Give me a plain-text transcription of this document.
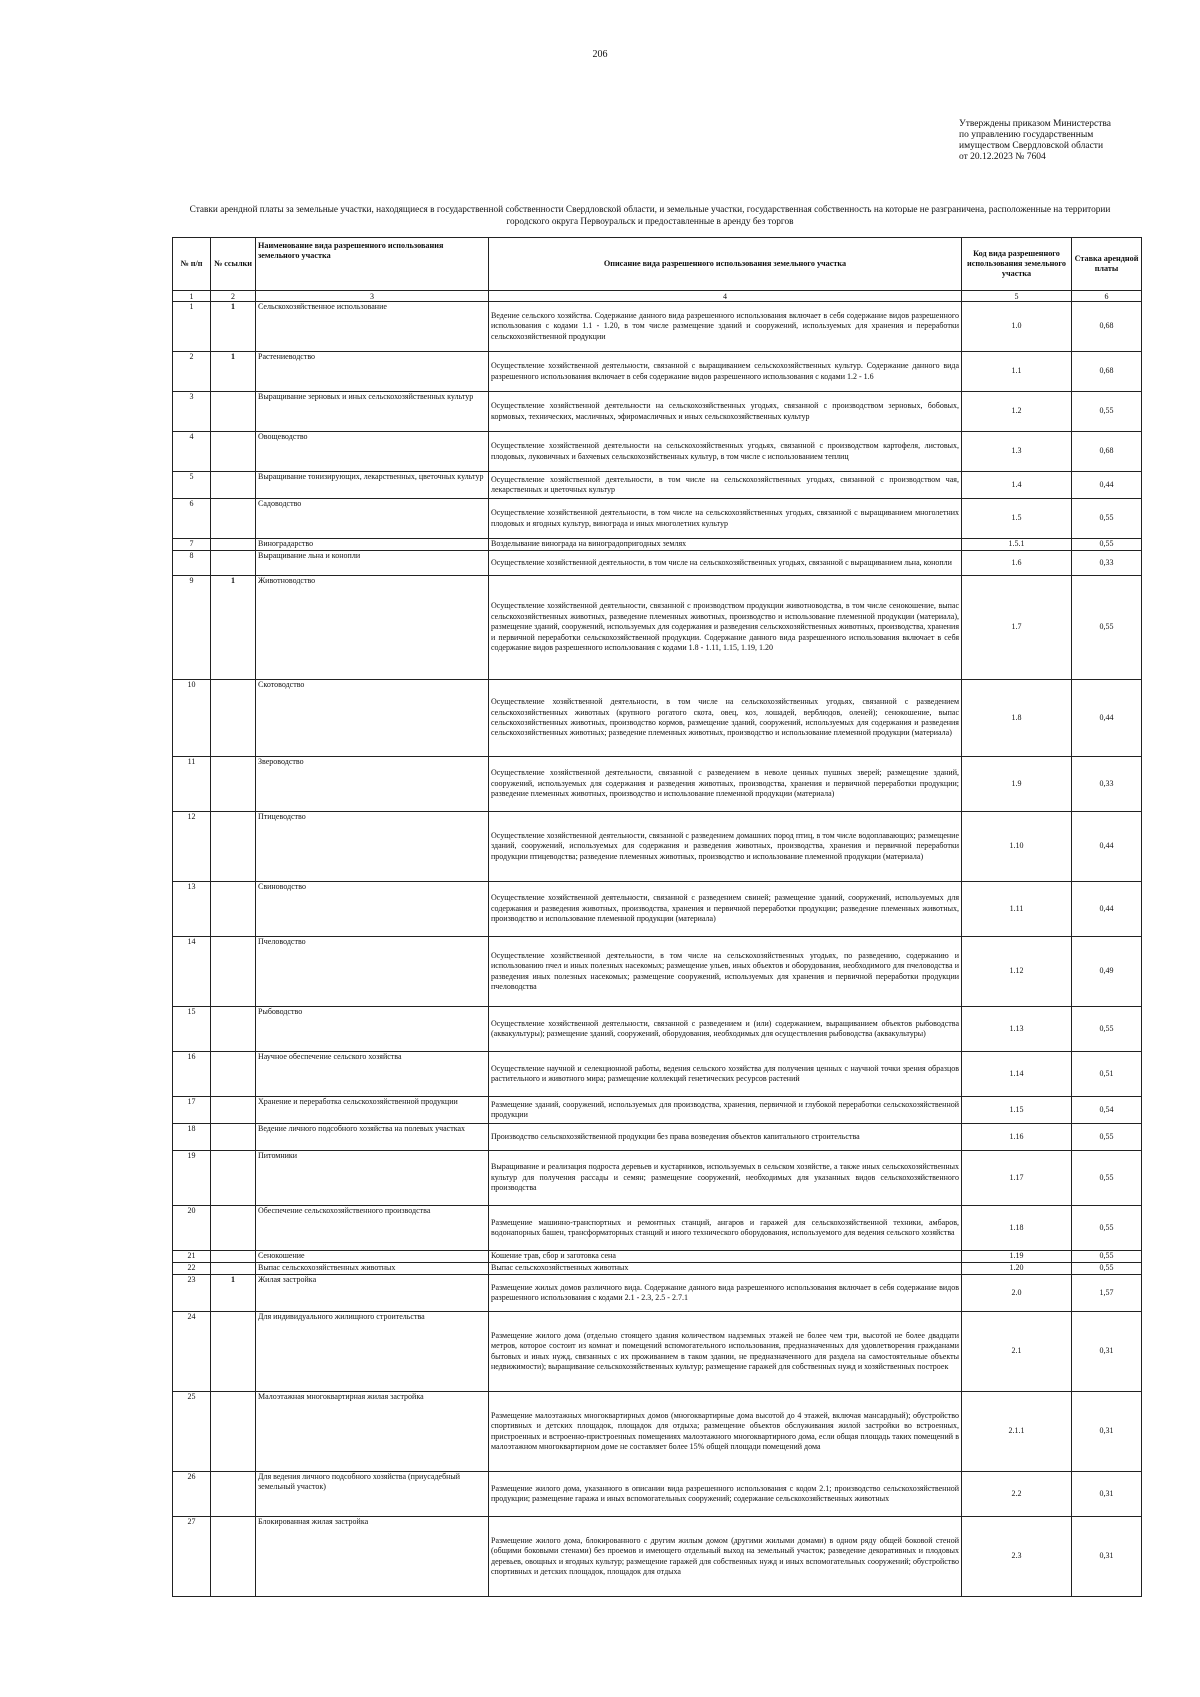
206
Утверждены приказом Министерства
по управлению государственным
имуществом Свердловской области
от 20.12.2023 № 7604
Ставки арендной платы за земельные участки, находящиеся в государственной собственности Свердловской области, и земельные участки, государственная собственность на которые не разграничена, расположенные на территории городского округа Первоуральск и предоставленные в аренду без торгов
№ п/п	№ ссылки	Наименование вида разрешенного использования земельного участка	Описание вида разрешенного использования земельного участка	Код вида разрешенного использования земельного участка	Ставка арендной платы
1	2	3	4	5	6
1	1	Сельскохозяйственное использование	Ведение сельского хозяйства. Содержание данного вида разрешенного использования включает в себя содержание видов разрешенного использования с кодами 1.1 - 1.20, в том числе размещение зданий и сооружений, используемых для хранения и переработки сельскохозяйственной продукции	1.0	0,68
2	1	Растениеводство	Осуществление хозяйственной деятельности, связанной с выращиванием сельскохозяйственных культур. Содержание данного вида разрешенного использования включает в себя содержание видов разрешенного использования с кодами 1.2 - 1.6	1.1	0,68
3		Выращивание зерновых и иных сельскохозяйственных культур	Осуществление хозяйственной деятельности на сельскохозяйственных угодьях, связанной с производством зерновых, бобовых, кормовых, технических, масличных, эфиромасличных и иных сельскохозяйственных культур	1.2	0,55
4		Овощеводство	Осуществление хозяйственной деятельности на сельскохозяйственных угодьях, связанной с производством картофеля, листовых, плодовых, луковичных и бахчевых сельскохозяйственных культур, в том числе с использованием теплиц	1.3	0,68
5		Выращивание тонизирующих, лекарственных, цветочных культур	Осуществление хозяйственной деятельности, в том числе на сельскохозяйственных угодьях, связанной с производством чая, лекарственных и цветочных культур	1.4	0,44
6		Садоводство	Осуществление хозяйственной деятельности, в том числе на сельскохозяйственных угодьях, связанной с выращиванием многолетних плодовых и ягодных культур, винограда и иных многолетних культур	1.5	0,55
7		Виноградарство	Возделывание винограда на виноградопригодных землях	1.5.1	0,55
8		Выращивание льна и конопли	Осуществление хозяйственной деятельности, в том числе на сельскохозяйственных угодьях, связанной с выращиванием льна, конопли	1.6	0,33
9	1	Животноводство	Осуществление хозяйственной деятельности, связанной с производством продукции животноводства, в том числе сенокошение, выпас сельскохозяйственных животных, разведение племенных животных, производство и использование племенной продукции (материала), размещение зданий, сооружений, используемых для содержания и разведения сельскохозяйственных животных, производства, хранения и первичной переработки сельскохозяйственной продукции. Содержание данного вида разрешенного использования включает в себя содержание видов разрешенного использования с кодами 1.8 - 1.11, 1.15, 1.19, 1.20	1.7	0,55
10		Скотоводство	Осуществление хозяйственной деятельности, в том числе на сельскохозяйственных угодьях, связанной с разведением сельскохозяйственных животных (крупного рогатого скота, овец, коз, лошадей, верблюдов, оленей); сенокошение, выпас сельскохозяйственных животных, производство кормов, размещение зданий, сооружений, используемых для содержания и разведения сельскохозяйственных животных; разведение племенных животных, производство и использование племенной продукции (материала)	1.8	0,44
11		Звероводство	Осуществление хозяйственной деятельности, связанной с разведением в неволе ценных пушных зверей; размещение зданий, сооружений, используемых для содержания и разведения животных, производства, хранения и первичной переработки продукции; разведение племенных животных, производство и использование племенной продукции (материала)	1.9	0,33
12		Птицеводство	Осуществление хозяйственной деятельности, связанной с разведением домашних пород птиц, в том числе водоплавающих; размещение зданий, сооружений, используемых для содержания и разведения животных, производства, хранения и первичной переработки продукции птицеводства; разведение племенных животных, производство и использование племенной продукции (материала)	1.10	0,44
13		Свиноводство	Осуществление хозяйственной деятельности, связанной с разведением свиней; размещение зданий, сооружений, используемых для содержания и разведения животных, производства, хранения и первичной переработки продукции; разведение племенных животных, производство и использование племенной продукции (материала)	1.11	0,44
14		Пчеловодство	Осуществление хозяйственной деятельности, в том числе на сельскохозяйственных угодьях, по разведению, содержанию и использованию пчел и иных полезных насекомых; размещение ульев, иных объектов и оборудования, необходимого для пчеловодства и разведения иных полезных насекомых; размещение сооружений, используемых для хранения и первичной переработки продукции пчеловодства	1.12	0,49
15		Рыбоводство	Осуществление хозяйственной деятельности, связанной с разведением и (или) содержанием, выращиванием объектов рыбоводства (аквакультуры); размещение зданий, сооружений, оборудования, необходимых для осуществления рыбоводства (аквакультуры)	1.13	0,55
16		Научное обеспечение сельского хозяйства	Осуществление научной и селекционной работы, ведения сельского хозяйства для получения ценных с научной точки зрения образцов растительного и животного мира; размещение коллекций генетических ресурсов растений	1.14	0,51
17		Хранение и переработка сельскохозяйственной продукции	Размещение зданий, сооружений, используемых для производства, хранения, первичной и глубокой переработки сельскохозяйственной продукции	1.15	0,54
18		Ведение личного подсобного хозяйства на полевых участках	Производство сельскохозяйственной продукции без права возведения объектов капитального строительства	1.16	0,55
19		Питомники	Выращивание и реализация подроста деревьев и кустарников, используемых в сельском хозяйстве, а также иных сельскохозяйственных культур для получения рассады и семян; размещение сооружений, необходимых для указанных видов сельскохозяйственного производства	1.17	0,55
20		Обеспечение сельскохозяйственного производства	Размещение машинно-транспортных и ремонтных станций, ангаров и гаражей для сельскохозяйственной техники, амбаров, водонапорных башен, трансформаторных станций и иного технического оборудования, используемого для ведения сельского хозяйства	1.18	0,55
21		Сенокошение	Кошение трав, сбор и заготовка сена	1.19	0,55
22		Выпас сельскохозяйственных животных	Выпас сельскохозяйственных животных	1.20	0,55
23	1	Жилая застройка	Размещение жилых домов различного вида. Содержание данного вида разрешенного использования включает в себя содержание видов разрешенного использования с кодами 2.1 - 2.3, 2.5 - 2.7.1	2.0	1,57
24		Для индивидуального жилищного строительства	Размещение жилого дома (отдельно стоящего здания количеством надземных этажей не более чем три, высотой не более двадцати метров, которое состоит из комнат и помещений вспомогательного использования, предназначенных для удовлетворения гражданами бытовых и иных нужд, связанных с их проживанием в таком здании, не предназначенного для раздела на самостоятельные объекты недвижимости); выращивание сельскохозяйственных культур; размещение гаражей для собственных нужд и хозяйственных построек	2.1	0,31
25		Малоэтажная многоквартирная жилая застройка	Размещение малоэтажных многоквартирных домов (многоквартирные дома высотой до 4 этажей, включая мансардный); обустройство спортивных и детских площадок, площадок для отдыха; размещение объектов обслуживания жилой застройки во встроенных, пристроенных и встроенно-пристроенных помещениях малоэтажного многоквартирного дома, если общая площадь таких помещений в малоэтажном многоквартирном доме не составляет более 15% общей площади помещений дома	2.1.1	0,31
26		Для ведения личного подсобного хозяйства (приусадебный земельный участок)	Размещение жилого дома, указанного в описании вида разрешенного использования с кодом 2.1; производство сельскохозяйственной продукции; размещение гаража и иных вспомогательных сооружений; содержание сельскохозяйственных животных	2.2	0,31
27		Блокированная жилая застройка	Размещение жилого дома, блокированного с другим жилым домом (другими жилыми домами) в одном ряду общей боковой стеной (общими боковыми стенами) без проемов и имеющего отдельный выход на земельный участок; разведение декоративных и плодовых деревьев, овощных и ягодных культур; размещение гаражей для собственных нужд и иных вспомогательных сооружений; обустройство спортивных и детских площадок, площадок для отдыха	2.3	0,31
